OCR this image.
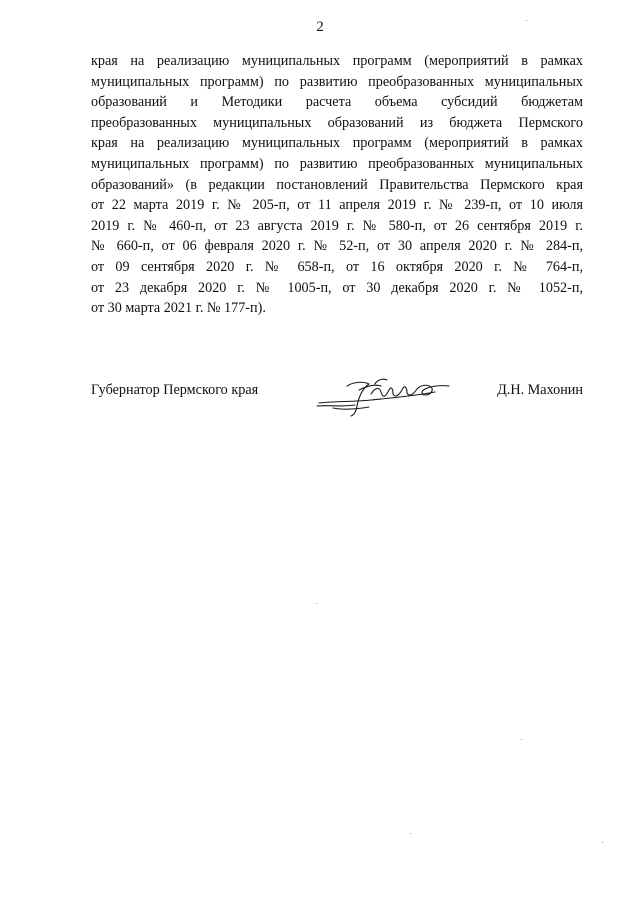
2
края на реализацию муниципальных программ (мероприятий в рамках
муниципальных программ) по развитию преобразованных муниципальных
образований и Методики расчета объема субсидий бюджетам
преобразованных муниципальных образований из бюджета Пермского
края на реализацию муниципальных программ (мероприятий в рамках
муниципальных программ) по развитию преобразованных муниципальных
образований» (в редакции постановлений Правительства Пермского края
от 22 марта 2019 г. № 205-п, от 11 апреля 2019 г. № 239-п, от 10 июля
2019 г. № 460-п, от 23 августа 2019 г. № 580-п, от 26 сентября 2019 г.
№ 660-п, от 06 февраля 2020 г. № 52-п, от 30 апреля 2020 г. № 284-п,
от 09 сентября 2020 г. № 658-п, от 16 октября 2020 г. № 764-п,
от 23 декабря 2020 г. № 1005-п, от 30 декабря 2020 г. № 1052-п,
от 30 марта 2021 г. № 177-п).
Губернатор Пермского края	Д.Н. Махонин
